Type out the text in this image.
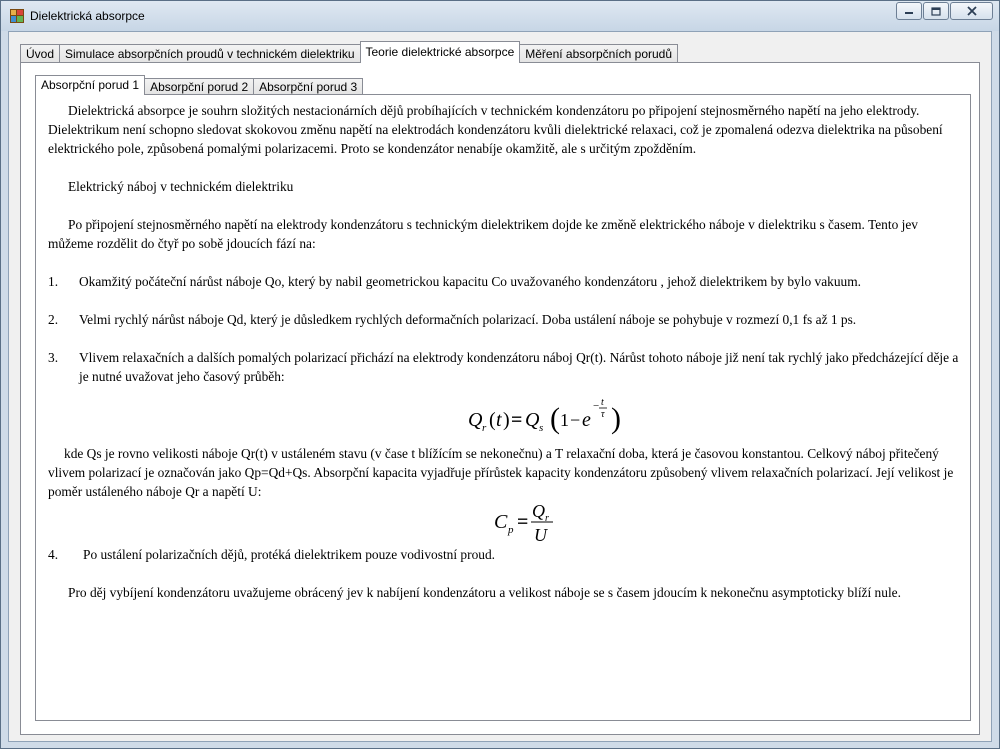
Dielektrická absorpce
Úvod Simulace absorpčních proudů v technickém dielektriku Teorie dielektrické absorpce Měření absorpčních porudů
Absorpční porud 1 Absorpční porud 2 Absorpční porud 3

Dielektrická absorpce je souhrn složitých nestacionárních dějů probíhajících v technickém kondenzátoru po připojení stejnosměrného napětí na jeho elektrody. Dielektrikum není schopno sledovat skokovou změnu napětí na elektrodách kondenzátoru kvůli dielektrické relaxaci, což je zpomalená odezva dielektrika na působení elektrického pole, způsobená pomalými polarizacemi. Proto se kondenzátor nenabíje okamžitě, ale s určitým zpožděním.

Elektrický náboj v technickém dielektriku

Po připojení stejnosměrného napětí na elektrody kondenzátoru s technickým dielektrikem dojde ke změně elektrického náboje v dielektriku s časem. Tento jev můžeme rozdělit do čtyř po sobě jdoucích fází na:

1.	Okamžitý počáteční nárůst náboje Qo, který by nabil geometrickou kapacitu Co uvažovaného kondenzátoru , jehož dielektrikem by bylo vakuum.
2.	Velmi rychlý nárůst náboje Qd, který je důsledkem rychlých deformačních polarizací. Doba ustálení náboje se pohybuje v rozmezí 0,1 fs až 1 ps.
3.	Vlivem relaxačních a dalších pomalých polarizací přichází na elektrody kondenzátoru náboj Qr(t). Nárůst tohoto náboje již není tak rychlý jako předcházející děje a je nutné uvažovat jeho časový průběh:
Q r ( t ) = Q s ( 1 − e
− t
τ )

kde Qs je rovno velikosti náboje Qr(t) v ustáleném stavu (v čase t blížícím se nekonečnu) a T relaxační doba, která je časovou konstantou. Celkový náboj přitečený vlivem polarizací je označován jako Qp=Qd+Qs. Absorpční kapacita vyjadřuje přírůstek kapacity kondenzátoru způsobený vlivem relaxačních polarizací. Její velikost je poměr ustáleného náboje Qr a napětí U:

C p = Q r
U
4.	Po ustálení polarizačních dějů, protéká dielektrikem pouze vodivostní proud.

Pro děj vybíjení kondenzátoru uvažujeme obrácený jev k nabíjení kondenzátoru a velikost náboje se s časem jdoucím k nekonečnu asymptoticky blíží nule.
